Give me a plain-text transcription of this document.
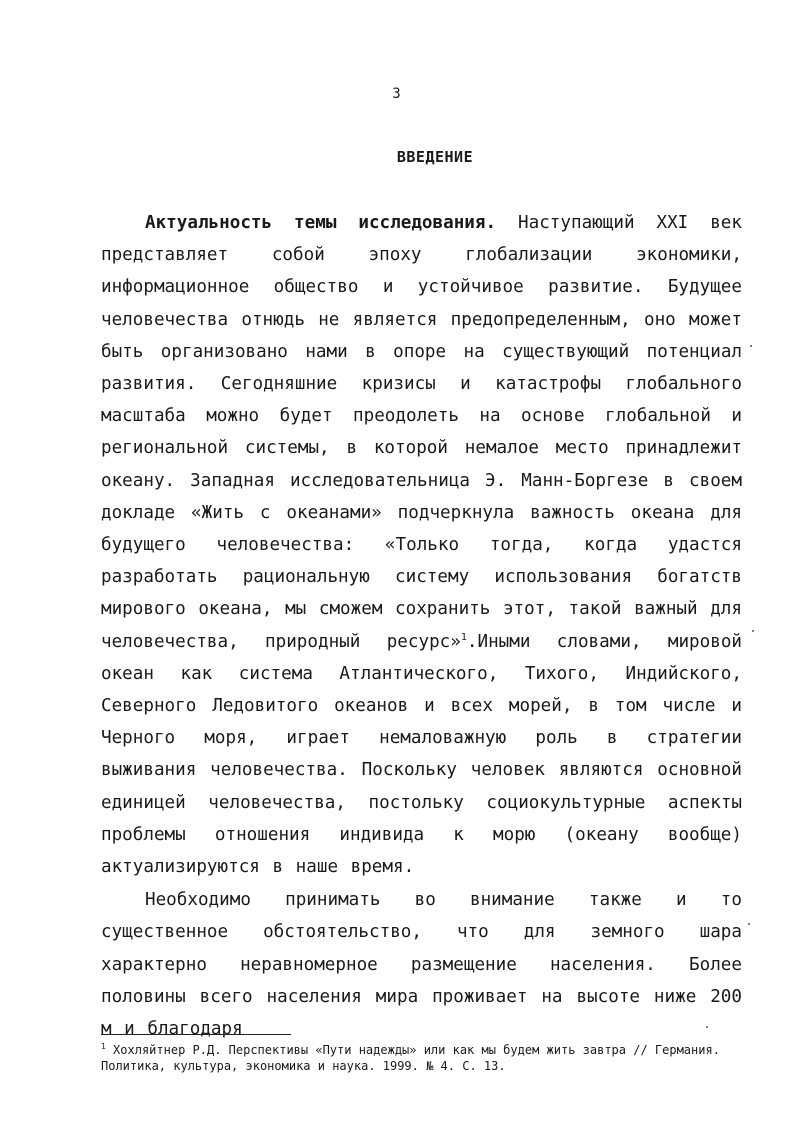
3
ВВЕДЕНИЕ

Актуальность темы исследования. Наступающий XXI век представляет собой эпоху глобализации экономики, информационное общество и устойчивое развитие. Будущее человечества отнюдь не является предопределенным, оно может быть организовано нами в опоре на существующий потенциал развития. Сегодняшние кризисы и катастрофы глобального масштаба можно будет преодолеть на основе глобальной и региональной системы, в которой немалое место принадлежит океану. Западная исследовательница Э. Манн-Боргезе в своем докладе «Жить с океанами» подчеркнула важность океана для будущего человечества: «Только тогда, когда удастся разработать рациональную систему использования богатств мирового океана, мы сможем сохранить этот, такой важный для человечества, природный ресурс»$^1$.Иными словами, мировой океан как система Атлантического, Тихого, Индийского, Северного Ледовитого океанов и всех морей, в том числе и Черного моря, играет немаловажную роль в стратегии выживания человечества. Поскольку человек являются основной единицей человечества, постольку социокультурные аспекты проблемы отношения индивида к морю (океану вообще) актуализируются в наше время.

Необходимо принимать во внимание также и то существенное обстоятельство, что для земного шара характерно неравномерное размещение населения. Более половины всего населения мира проживает на высоте ниже 200 м и благодаря

$^1$ Хохляйтнер Р.Д. Перспективы «Пути надежды» или как мы будем жить завтра // Германия. Политика, культура, экономика и наука. 1999. № 4. С. 13.
